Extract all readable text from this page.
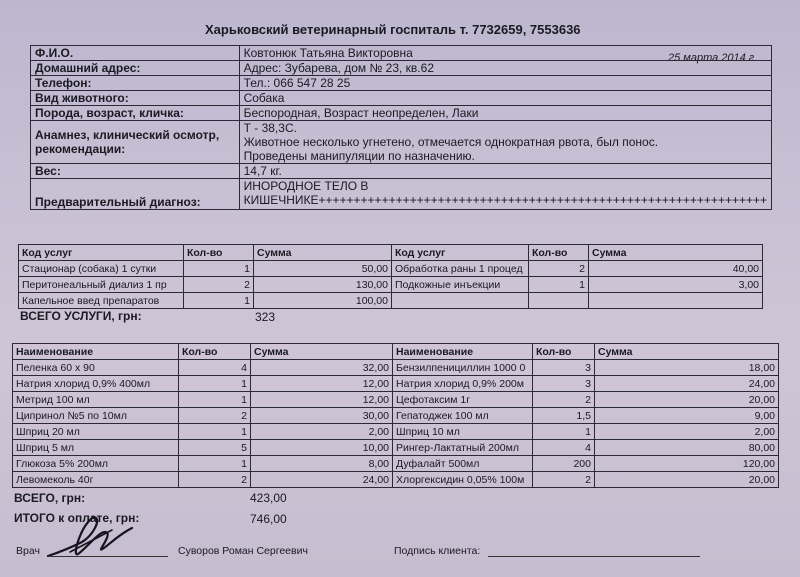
Харьковский ветеринарный госпиталь т. 7732659, 7553636
25 марта 2014 г
Ф.И.О.	Ковтонюк Татьяна Викторовна
Домашний адрес:	Адрес: Зубарева, дом № 23, кв.62
Телефон:	Тел.: 066 547 28 25
Вид животного:	Собака
Порода, возраст, кличка:	Беспородная, Возраст неопределен, Лаки
Анамнез, клинический осмотр, рекомендации:	Т - 38,3С.
Животное несколько угнетено, отмечается однократная рвота, был понос.
Проведены манипуляции по назначению.
Вес:	14,7 кг.
Предварительный диагноз:	ИНОРОДНОЕ ТЕЛО В
КИШЕЧНИКЕ++++++++++++++++++++++++++++++++++++++++++++++++++++++++++++++++
Код услуг	Кол-во	Сумма	Код услуг	Кол-во	Сумма
Стационар (собака) 1 сутки	1	50,00	Обработка раны 1 процед	2	40,00
Перитонеальный диализ 1 пр	2	130,00	Подкожные инъекции	1	3,00
Капельное введ препаратов	1	100,00			
ВСЕГО УСЛУГИ, грн:	323
Наименование	Кол-во	Сумма	Наименование	Кол-во	Сумма
Пеленка 60 х 90	4	32,00	Бензилпенициллин 1000 0	3	18,00
Натрия хлорид 0,9% 400мл	1	12,00	Натрия хлорид 0,9% 200м	3	24,00
Метрид 100 мл	1	12,00	Цефотаксим 1г	2	20,00
Ципринол №5 по 10мл	2	30,00	Гепатоджек 100 мл	1,5	9,00
Шприц 20 мл	1	2,00	Шприц 10 мл	1	2,00
Шприц 5 мл	5	10,00	Рингер-Лактатный 200мл	4	80,00
Глюкоза 5% 200мл	1	8,00	Дуфалайт 500мл	200	120,00
Левомеколь 40г	2	24,00	Хлоргексидин 0,05% 100м	2	20,00
ВСЕГО, грн:	423,00
ИТОГО к оплате, грн:	746,00
Врач	Суворов Роман Сергеевич	Подпись клиента:
